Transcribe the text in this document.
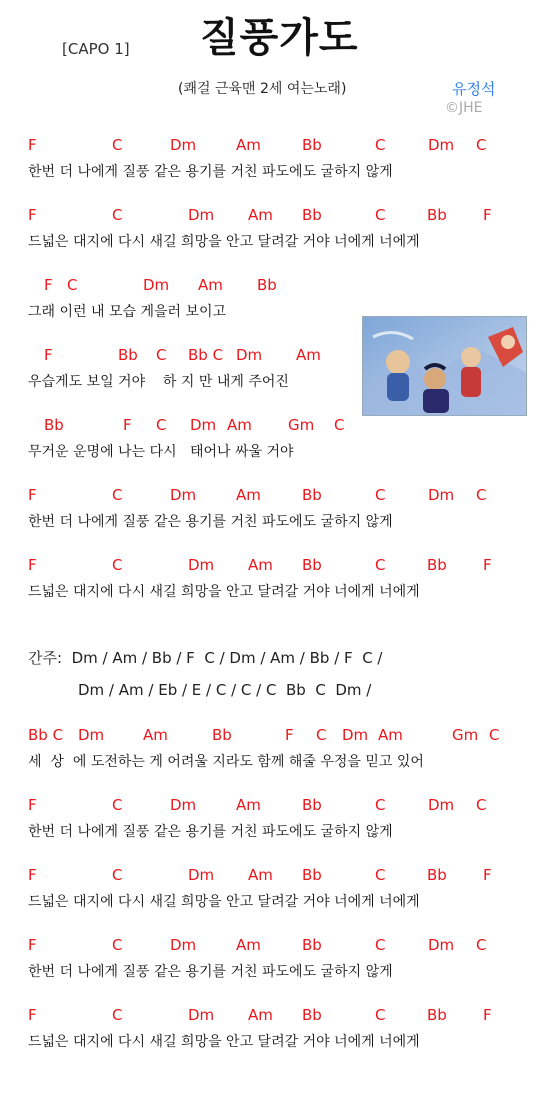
[CAPO 1] 질풍가도
(쾌걸 근육맨 2세 여는노래)	유정석
©JHE
F	C	Dm	Am	Bb	C	Dm C
한번 더 나에게 질풍 같은 용기를 거친 파도에도 굴하지 않게
F	C	Dm Am Bb	C	Bb F
드넓은 대지에 다시 새길 희망을 안고 달려갈 거야 너에게 너에게
F C	Dm Am Bb
그래 이런 내 모습 게을러 보이고
F	Bb C Bb C Dm Am
우습게도 보일 거야    하 지 만 내게 주어진
Bb	F C Dm Am Gm C
무거운 운명에 나는 다시   태어나 싸울 거야
F	C	Dm	Am	Bb	C	Dm C
한번 더 나에게 질풍 같은 용기를 거친 파도에도 굴하지 않게
F	C	Dm Am Bb	C	Bb F
드넓은 대지에 다시 새길 희망을 안고 달려갈 거야 너에게 너에게
Bb C Dm	Am	Bb	F C Dm Am	Gm C
세  상  에 도전하는 게 어려울 지라도 함께 해줄 우정을 믿고 있어
F	C	Dm	Am	Bb	C	Dm C
한번 더 나에게 질풍 같은 용기를 거친 파도에도 굴하지 않게
F	C	Dm Am Bb	C	Bb F
드넓은 대지에 다시 새길 희망을 안고 달려갈 거야 너에게 너에게
F	C	Dm	Am	Bb	C	Dm C
한번 더 나에게 질풍 같은 용기를 거친 파도에도 굴하지 않게
F	C	Dm Am Bb	C	Bb F
드넓은 대지에 다시 새길 희망을 안고 달려갈 거야 너에게 너에게
간주:  Dm / Am / Bb / F  C / Dm / Am / Bb / F  C /
Dm / Am / Eb / E / C / C / C  Bb  C  Dm /
